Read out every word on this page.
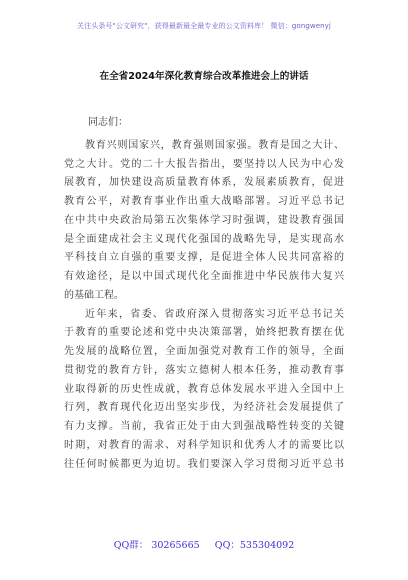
关注头条号"公文研究"，获得最新最全最专业的公文资料库！ 微信：gongwenyj
在全省2024年深化教育综合改革推进会上的讲话
同志们：
教育兴则国家兴，教育强则国家强。教育是国之大计、
党之大计。党的二十大报告指出，要坚持以人民为中心发
展教育，加快建设高质量教育体系，发展素质教育，促进
教育公平，对教育事业作出重大战略部署。习近平总书记
在中共中央政治局第五次集体学习时强调，建设教育强国
是全面建成社会主义现代化强国的战略先导，是实现高水
平科技自立自强的重要支撑，是促进全体人民共同富裕的
有效途径，是以中国式现代化全面推进中华民族伟大复兴
的基础工程。
近年来，省委、省政府深入贯彻落实习近平总书记关
于教育的重要论述和党中央决策部署，始终把教育摆在优
先发展的战略位置，全面加强党对教育工作的领导，全面
贯彻党的教育方针，落实立德树人根本任务，推动教育事
业取得新的历史性成就，教育总体发展水平进入全国中上
行列，教育现代化迈出坚实步伐，为经济社会发展提供了
有力支撑。当前，我省正处于由大到强战略性转变的关键
时期，对教育的需求、对科学知识和优秀人才的需要比以
往任何时候都更为迫切。我们要深入学习贯彻习近平总书
QQ群： 30265665     QQ：535304092
